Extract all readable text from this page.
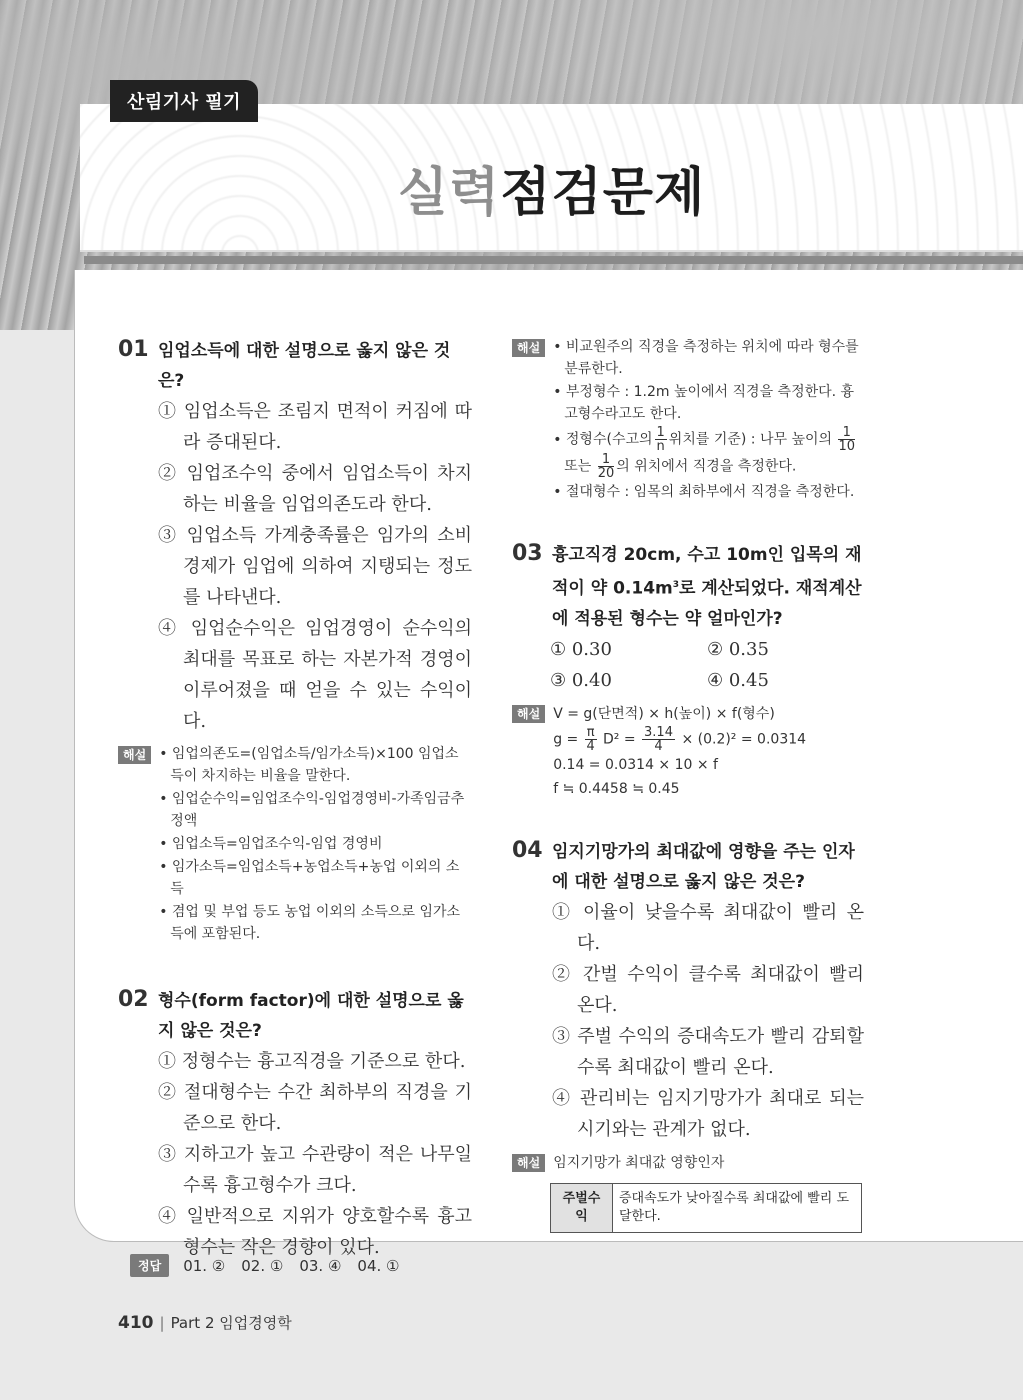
산림기사 필기
실력점검문제
01 임업소득에 대한 설명으로 옳지 않은 것은?
① 임업소득은 조림지 면적이 커짐에 따라 증대된다.
② 임업조수익 중에서 임업소득이 차지하는 비율을 임업의존도라 한다.
③ 임업소득 가계충족률은 임가의 소비경제가 임업에 의하여 지탱되는 정도를 나타낸다.
④ 임업순수익은 임업경영이 순수익의 최대를 목표로 하는 자본가적 경영이 이루어졌을 때 얻을 수 있는 수익이다.
해설	• 임업의존도=(임업소득/임가소득)×100 임업소득이 차지하는 비율을 말한다.
• 임업순수익=임업조수익-임업경영비-가족임금추정액
• 임업소득=임업조수익-임업 경영비
• 임가소득=임업소득+농업소득+농업 이외의 소득
• 겸업 및 부업 등도 농업 이외의 소득으로 임가소득에 포함된다.
02 형수(form factor)에 대한 설명으로 옳지 않은 것은?
① 정형수는 흉고직경을 기준으로 한다.
② 절대형수는 수간 최하부의 직경을 기준으로 한다.
③ 지하고가 높고 수관량이 적은 나무일수록 흉고형수가 크다.
④ 일반적으로 지위가 양호할수록 흉고형수는 작은 경향이 있다.
해설	• 비교원주의 직경을 측정하는 위치에 따라 형수를 분류한다.
• 부정형수 : 1.2m 높이에서 직경을 측정한다. 흉고형수라고도 한다.
• 정형수(수고의 $\frac{1}{n}$ 위치를 기준) : 나무 높이의 $\frac{1}{10}$
또는 $\frac{1}{20}$ 의 위치에서 직경을 측정한다.
• 절대형수 : 임목의 최하부에서 직경을 측정한다.
03 흉고직경 20cm, 수고 10m인 입목의 재적이 약 $0.14m^3$로 계산되었다. 재적계산에 적용된 형수는 약 얼마인가?
① 0.30	② 0.35
③ 0.40	④ 0.45
해설 V = g(단면적) × h(높이) × f(형수)
$g = \frac{\pi}{4} D^2 = \frac{3.14}{4} \times (0.2)^2 = 0.0314$
0.14 = 0.0314 × 10 × f
f ≒ 0.4458 ≒ 0.45
04 임지기망가의 최대값에 영향을 주는 인자에 대한 설명으로 옳지 않은 것은?
① 이율이 낮을수록 최대값이 빨리 온다.
② 간벌 수익이 클수록 최대값이 빨리 온다.
③ 주벌 수익의 증대속도가 빨리 감퇴할수록 최대값이 빨리 온다.
④ 관리비는 임지기망가가 최대로 되는 시기와는 관계가 없다.
해설 임지기망가 최대값 영향인자
주벌수익	증대속도가 낮아질수록 최대값에 빨리 도달한다.
정답	01. ② 02. ① 03. ④ 04. ①
410 | Part 2 임업경영학
